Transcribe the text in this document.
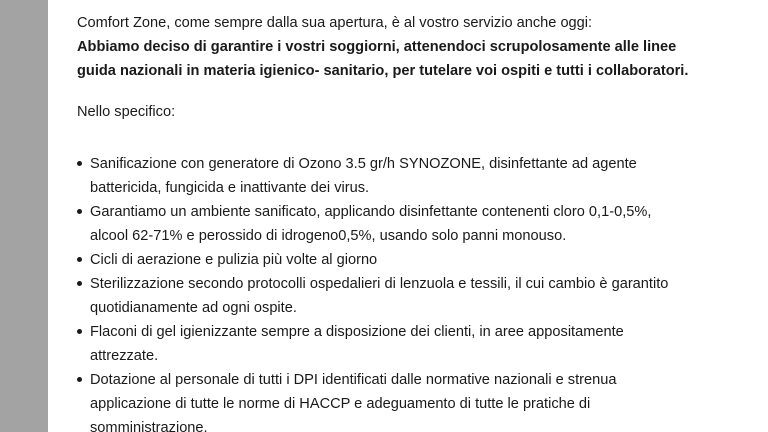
Comfort Zone, come sempre dalla sua apertura, è al vostro servizio anche oggi:

Abbiamo deciso di garantire i vostri soggiorni, attenendoci scrupolosamente alle linee
guida nazionali in materia igienico- sanitario, per tutelare voi ospiti e tutti i collaboratori.

Nello specifico:

Sanificazione con generatore di Ozono 3.5 gr/h SYNOZONE, disinfettante ad agente
battericida, fungicida e inattivante dei virus.
Garantiamo un ambiente sanificato, applicando disinfettante contenenti cloro 0,1-0,5%,
alcool 62-71% e perossido di idrogeno0,5%, usando solo panni monouso.
Cicli di aerazione e pulizia più volte al giorno
Sterilizzazione secondo protocolli ospedalieri di lenzuola e tessili, il cui cambio è garantito
quotidianamente ad ogni ospite.
Flaconi di gel igienizzante sempre a disposizione dei clienti, in aree appositamente
attrezzate.
Dotazione al personale di tutti i DPI identificati dalle normative nazionali e strenua
applicazione di tutte le norme di HACCP e adeguamento di tutte le pratiche di
somministrazione.
